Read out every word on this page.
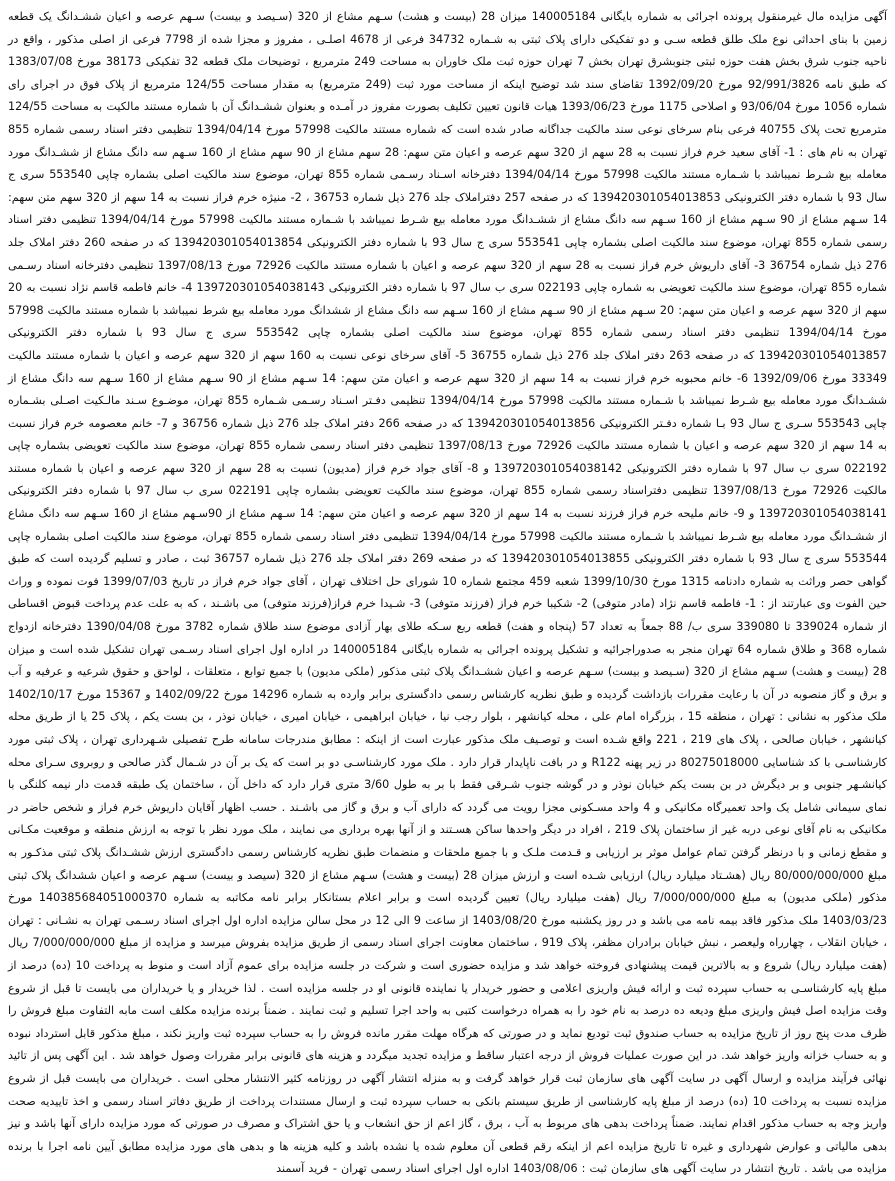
آگهی مزایده مال غیرمنقول پرونده اجرائی به شماره بایگانی 140005184 میزان 28 (بیست و هشت) سـهم مشاع از 320 (سـیصد و بیست) سـهم عرصه و اعیان ششـدانگ یک قطعه زمین با بنای احداثی نوع ملک طلق قطعه سـی و دو تفکیکی دارای پلاک ثبتی به شـماره 34732 فرعی از 4678 اصلـی ، مفروز و مجزا شده از 7798 فرعی از اصلی مذکور ، واقع در ناحیه جنوب شرق بخش هفت حوزه ثبتی جنوبشرق تهران بخش 7 تهران حوزه ثبت ملک خاوران به مساحت 249 مترمربع ، توضیحات ملک قطعه 32 تفکیکی 38173 مورخ 1383/07/08 که طبق نامه 92/991/3826 مورخ 1392/09/20 تقاضای سند شد توضیح اینکه از مساحت مورد ثبت (249 مترمربع) به مقدار مساحت 124/55 مترمربع از پلاک فوق در اجرای رای شماره 1056 مورخ 93/06/04 و اصلاحی 1175 مورخ 1393/06/23 هیات قانون تعیین تکلیف بصورت مفروز در آمـده و بعنوان ششـدانگ آن با شماره مستند مالکیت به مساحت 124/55 مترمربع تحت پلاک 40755 فرعی بنام سرخای نوعی سند مالکیت جداگانه صادر شده است که شماره مستند مالکیت 57998 مورخ 1394/04/14 تنظیمی دفتر اسناد رسمی شماره 855 تهران به نام های : 1- آقای سعید خرم فراز نسبت به 28 سهم از 320 سهم عرصه و اعیان متن سهم: 28 سهم مشاع از 90 سهم مشاع از 160 سـهم سه دانگ مشاع از ششـدانگ مورد معامله بیع شـرط نمیباشد با شـماره مستند مالکیت 57998 مورخ 1394/04/14 دفترخانه اسـناد رسـمی شماره 855 تهران، موضوع سند مالکیت اصلی بشماره چاپی 553540 سری ج سال 93 با شماره دفتر الکترونیکی 139420301054013853 که در صفحه 257 دفتراملاک جلد 276 ذیل شماره 36753 ، 2- منیژه خرم فراز نسبت به 14 سهم از 320 سهم متن سهم: 14 سـهم مشاع از 90 سـهم مشاع از 160 سـهم سه دانگ مشاع از ششـدانگ مورد معامله بیع شـرط نمیباشد با شـماره مستند مالکیت 57998 مورخ 1394/04/14 تنظیمی دفتر اسناد رسمی شماره 855 تهران، موضوع سند مالکیت اصلی بشماره چاپی 553541 سری ج سال 93 با شماره دفتر الکترونیکی 139420301054013854 که در صفحه 260 دفتر املاک جلد 276 ذیل شماره 36754 3- آقای داریوش خرم فراز نسبت به 28 سهم از 320 سهم عرصه و اعیان با شماره مستند مالکیت 72926 مورخ 1397/08/13 تنظیمی دفترخانه اسناد رسـمی شماره 855 تهران، موضوع سند مالکیت تعویضی به شماره چاپی 022193 سری ب سال 97 با شماره دفتر الکترونیکی 139720301054038143 4- خانم فاطمه قاسم نژاد نسبت به 20 سهم از 320 سهم عرصه و اعیان متن سهم: 20 سـهم مشاع از 90 سـهم مشاع از 160 سـهم سه دانگ مشاع از ششدانگ مورد معامله بیع شرط نمیباشد با شماره مستند مالکیت 57998 مورخ 1394/04/14 تنظیمی دفتر اسناد رسمی شماره 855 تهران، موضوع سند مالکیت اصلی بشماره چاپی 553542 سری ج سال 93 با شماره دفتر الکترونیکی 139420301054013857 که در صفحه 263 دفتر املاک جلد 276 ذیل شماره 36755 5- آقای سرخای نوعی نسبت به 160 سهم از 320 سهم عرصه و اعیان با شماره مستند مالکیت 33349 مورخ 1392/09/06 6- خانم محبوبه خرم فراز نسبت به 14 سهم از 320 سهم عرصه و اعیان متن سهم: 14 سـهم مشاع از 90 سـهم مشاع از 160 سـهم سه دانگ مشاع از ششـدانگ مورد معامله بیع شـرط نمیباشد با شـماره مستند مالکیت 57998 مورخ 1394/04/14 تنظیمی دفـتر اسـناد رسـمی شـماره 855 تهران، موضـوع سـند مالـکیت اصـلی بشـماره چاپی 553543 سـری ج سال 93 بـا شماره دفـتر الکترونیکی 139420301054013856 که در صفحه 266 دفتر املاک جلد 276 ذیل شماره 36756 و 7- خانم معصومه خرم فراز نسبت به 14 سهم از 320 سهم عرصه و اعیان با شماره مستند مالکیت 72926 مورخ 1397/08/13 تنظیمی دفتر اسناد رسمی شماره 855 تهران، موضوع سند مالکیت تعویضی بشماره چاپی 022192 سری ب سال 97 با شماره دفتر الکترونیکی 139720301054038142 و 8- آقای جواد خرم فراز (مدیون) نسبت به 28 سهم از 320 سهم عرصه و اعیان با شماره مستند مالکیت 72926 مورخ 1397/08/13 تنظیمی دفتراسناد رسمی شماره 855 تهران، موضوع سند مالکیت تعویضی بشماره چاپی 022191 سری ب سال 97 با شماره دفتر الکترونیکی 139720301054038141 و 9- خانم ملیحه خرم فراز فرزند نسبت به 14 سهم از 320 سهم عرصه و اعیان متن سهم: 14 سـهم مشاع از 90سـهم مشاع از 160 سـهم سه دانگ مشاع از ششـدانگ مورد معامله بیع شـرط نمیباشد با شـماره مستند مالکیت 57998 مورخ 1394/04/14 تنظیمی دفتر اسناد رسمی شماره 855 تهران، موضوع سند مالکیت اصلی بشماره چاپی 553544 سری ج سال 93 با شماره دفتر الکترونیکی 139420301054013855 که در صفحه 269 دفتر املاک جلد 276 ذیل شماره 36757 ثبت ، صادر و تسلیم گردیده است که طبق گواهی حصر وراثت به شماره دادنامه 1315 مورخ 1399/10/30 شعبه 459 مجتمع شماره 10 شورای حل اختلاف تهران ، آقای جواد خرم فراز در تاریخ 1399/07/03 فوت نموده و وراث حین الفوت وی عبارتند از : 1- فاطمه قاسم نژاد (مادر متوفی) 2- شکیبا خرم فراز (فرزند متوفی) 3- شـیدا خرم فراز(فرزند متوفی) می باشـند ، که به علت عدم پرداخت قبوض اقساطی از شماره 339024 تا 339080 سری ب/ 88 جمعاً به تعداد 57 (پنجاه و هفت) قطعه ربع سـکه طلای بهار آزادی موضوع سند طلاق شماره 3782 مورخ 1390/04/08 دفترخانه ازدواج شماره 368 و طلاق شماره 64 تهران منجر به صدوراجرائیه و تشکیل پرونده اجرائی به شماره بایگانی 140005184 در اداره اول اجرای اسناد رسـمی تهران تشکیل شده است و میزان 28 (بیست و هشت) سـهم مشاع از 320 (سـیصد و بیست) سـهم عرصه و اعیان ششـدانگ پلاک ثبتی مذکور (ملکی مدیون) با جمیع توابع ، متعلقات ، لواحق و حقوق شرعیه و عرفیه و آب و برق و گاز منصوبه در آن با رعایت مقررات بازداشت گردیده و طبق نظریه کارشناس رسمی دادگستری برابر وارده به شماره 14296 مورخ 1402/09/22 و 15367 مورخ 1402/10/17 ملک مذکور به نشانی : تهران ، منطقه 15 ، بزرگراه امام علی ، محله کیانشهر ، بلوار رجب نیا ، خیابان ابراهیمی ، خیابان امیری ، خیابان نوذر ، بن بست یکم ، پلاک 25 یا از طریق محله کیانشهر ، خیابان صالحی ، پلاک های 219 ، 221 واقع شـده است و توصـیف ملک مذکور عبارت است از اینکه : مطابق مندرجات سامانه طرح تفصیلی شـهرداری تهران ، پلاک ثبتی مورد کارشناسـی با کد شناسایی 80275018000 در زیر پهنه R122 و در بافت ناپایدار قرار دارد . ملک مورد کارشناسـی دو بر است که یک بر آن در شـمال گذر صالحی و روبروی سـرای محله کیانشـهر جنوبی و بر دیگرش در بن بست یکم خیابان نوذر و در گوشه جنوب شـرقی فقط با بر به طول 3/60 متری قرار دارد که داخل آن ، ساختمان یک طبقه قدمت دار نیمه کلنگی با نمای سیمانی شامل یک واحد تعمیرگاه مکانیکی و 4 واحد مسـکونی مجزا رویت می گردد که دارای آب و برق و گاز می باشـند . حسب اظهار آقایان داریوش خرم فراز و شخص حاضر در مکانیکی به نام آقای نوعی دربه غیر از ساختمان پلاک 219 ، افراد در دیگر واحدها ساکن هسـتند و از آنها بهره برداری می نمایند ، ملک مورد نظر با توجه به ارزش منطقه و موقعیت مکـانی و مقطع زمانی و با درنظر گرفتن تمام عوامل موثر بر ارزیابی و قـدمت ملـک و با جمیع ملحقات و منضمات طبق نظریه کارشناس رسمی دادگستری ارزش ششـدانگ پلاک ثبتی مذکـور به مبلغ 80/000/000/000 ریال (هشـتاد میلیارد ریال) ارزیابی شـده است و ارزش میزان 28 (بیست و هشت) سـهم مشاع از 320 (سیصد و بیست) سـهم عرصه و اعیان ششدانگ پلاک ثبتی مذکور (ملکی مدیون) به مبلغ 7/000/000/000 ریال (هفت میلیارد ریال) تعیین گردیده است و برابر اعلام بستانکار برابر نامه مکاتبه به شماره 140385684051000370 مورخ 1403/03/23 ملک مذکور فاقد بیمه نامه می باشد و در روز یکشنبه مورخ 1403/08/20 از ساعت 9 الی 12 در محل سالن مزایده اداره اول اجرای اسناد رسـمی تهران به نشـانی : تهران ، خیابان انقلاب ، چهارراه ولیعصر ، نبش خیابان برادران مظفر، پلاک 919 ، ساختمان معاونت اجرای اسناد رسمی از طریق مزایده بفروش میرسد و مزایده از مبلغ 7/000/000/000 ریال (هفت میلیارد ریال) شروع و به بالاترین قیمت پیشنهادی فروخته خواهد شد و مزایده حضوری است و شرکت در جلسه مزایده برای عموم آزاد است و منوط به پرداخت 10 (ده) درصد از مبلغ پایه کارشناسـی به حساب سپرده ثبت و ارائه فیش واریزی اعلامی و حضور خریدار یا نماینده قانونی او در جلسه مزایده است . لذا خریدار و یا خریداران می بایست تا قبل از شروع وقت مزایده اصل فیش واریزی مبلغ ودیعه ده درصد به نام خود را به همراه درخواست کتبی به واحد اجرا تسلیم و ثبت نمایند . ضمناً برنده مزایده مکلف است مابه التفاوت مبلغ فروش را ظرف مدت پنج روز از تاریخ مزایده به حساب صندوق ثبت تودیع نماید و در صورتی که هرگاه مهلت مقرر مانده فروش را به حساب سپرده ثبت واریز نکند ، مبلغ مذکور قابل استرداد نبوده و به حساب خزانه واریز خواهد شد. در این صورت عملیات فروش از درجه اعتبار ساقط و مزایده تجدید میگردد و هزینه های قانونی برابر مقررات وصول خواهد شد . این آگهی پس از تائید نهائی فرآیند مزایده و ارسال آگهی در سایت آگهی های سازمان ثبت قرار خواهد گرفت و به منزله انتشار آگهی در روزنامه کثیر الانتشار محلی است . خریداران می بایست قبل از شروع مزایده نسبت به پرداخت 10 (ده) درصد از مبلغ پایه کارشناسی از طریق سیستم بانکی به حساب سپرده ثبت و ارسال مستندات پرداخت از طریق دفاتر اسناد رسمی و اخذ تاییدیه صحت واریز وجه به حساب مذکور اقدام نمایند. ضمناً پرداخت بدهی های مربوط به آب ، برق ، گاز اعم از حق انشعاب و یا حق اشتراک و مصرف در صورتی که مورد مزایده دارای آنها باشد و نیز بدهی مالیاتی و عوارض شهرداری و غیره تا تاریخ مزایده اعم از اینکه رقم قطعی آن معلوم شده یا نشده باشد و کلیه هزینه ها و بدهی های مورد مزایده مطابق آیین نامه اجرا با برنده مزایده می باشد . تاریخ انتشار در سایت آگهی های سازمان ثبت : 1403/08/06 اداره اول اجرای اسناد رسمی تهران - فرید آسمند
